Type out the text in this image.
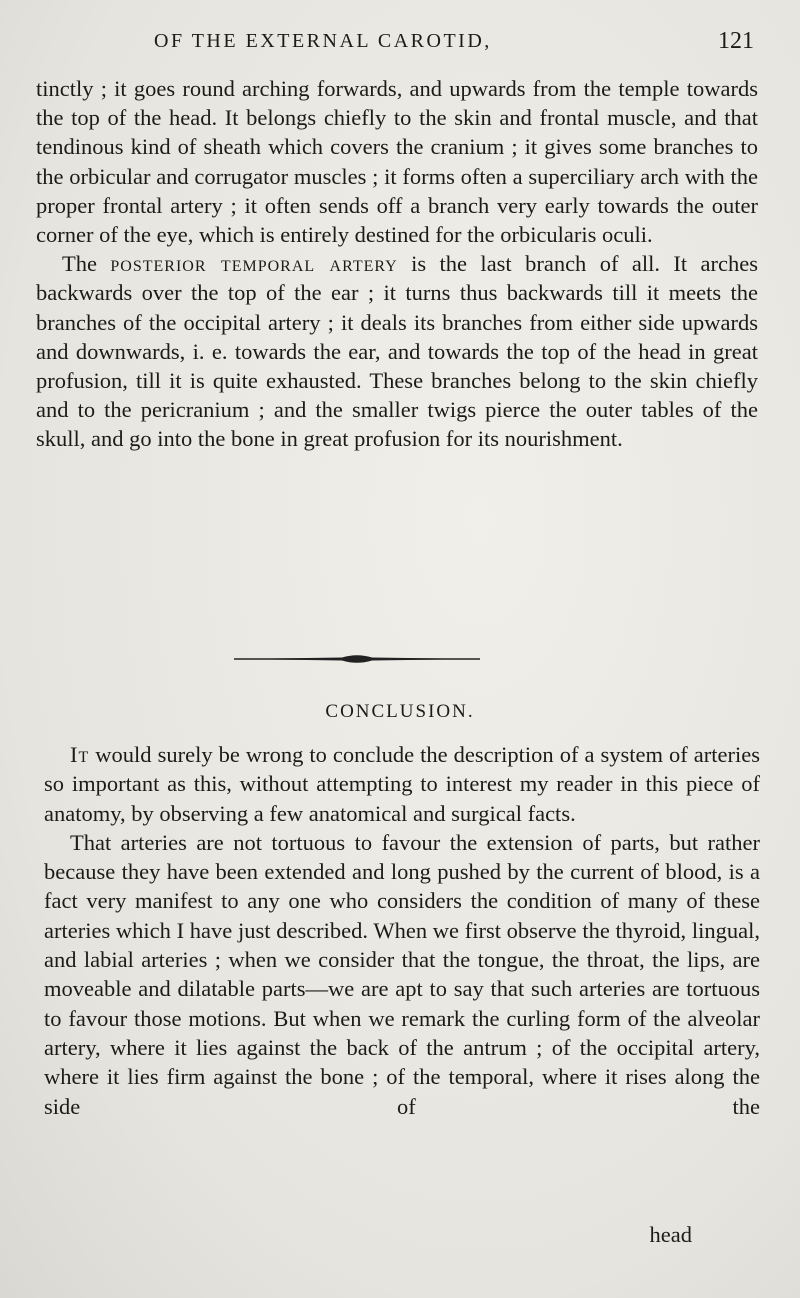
OF THE EXTERNAL CAROTID,	121

tinctly ; it goes round arching forwards, and upwards from the temple towards the top of the head. It belongs chiefly to the skin and frontal muscle, and that tendinous kind of sheath which covers the cranium ; it gives some branches to the orbicular and corrugator muscles ; it forms often a superciliary arch with the proper frontal artery ; it often sends off a branch very early towards the outer corner of the eye, which is entirely destined for the orbicularis oculi.

The posterior temporal artery is the last branch of all. It arches backwards over the top of the ear ; it turns thus backwards till it meets the branches of the occipital artery ; it deals its branches from either side upwards and downwards, i. e. towards the ear, and towards the top of the head in great profusion, till it is quite exhausted. These branches belong to the skin chiefly and to the pericranium ; and the smaller twigs pierce the outer tables of the skull, and go into the bone in great profusion for its nourishment.

CONCLUSION.

It would surely be wrong to conclude the description of a system of arteries so important as this, without attempting to interest my reader in this piece of anatomy, by observing a few anatomical and surgical facts.

That arteries are not tortuous to favour the extension of parts, but rather because they have been extended and long pushed by the current of blood, is a fact very manifest to any one who considers the condition of many of these arteries which I have just described. When we first observe the thyroid, lingual, and labial arteries ; when we consider that the tongue, the throat, the lips, are moveable and dilatable parts—we are apt to say that such arteries are tortuous to favour those motions. But when we remark the curling form of the alveolar artery, where it lies against the back of the antrum ; of the occipital artery, where it lies firm against the bone ; of the temporal, where it rises along the side of the

head
